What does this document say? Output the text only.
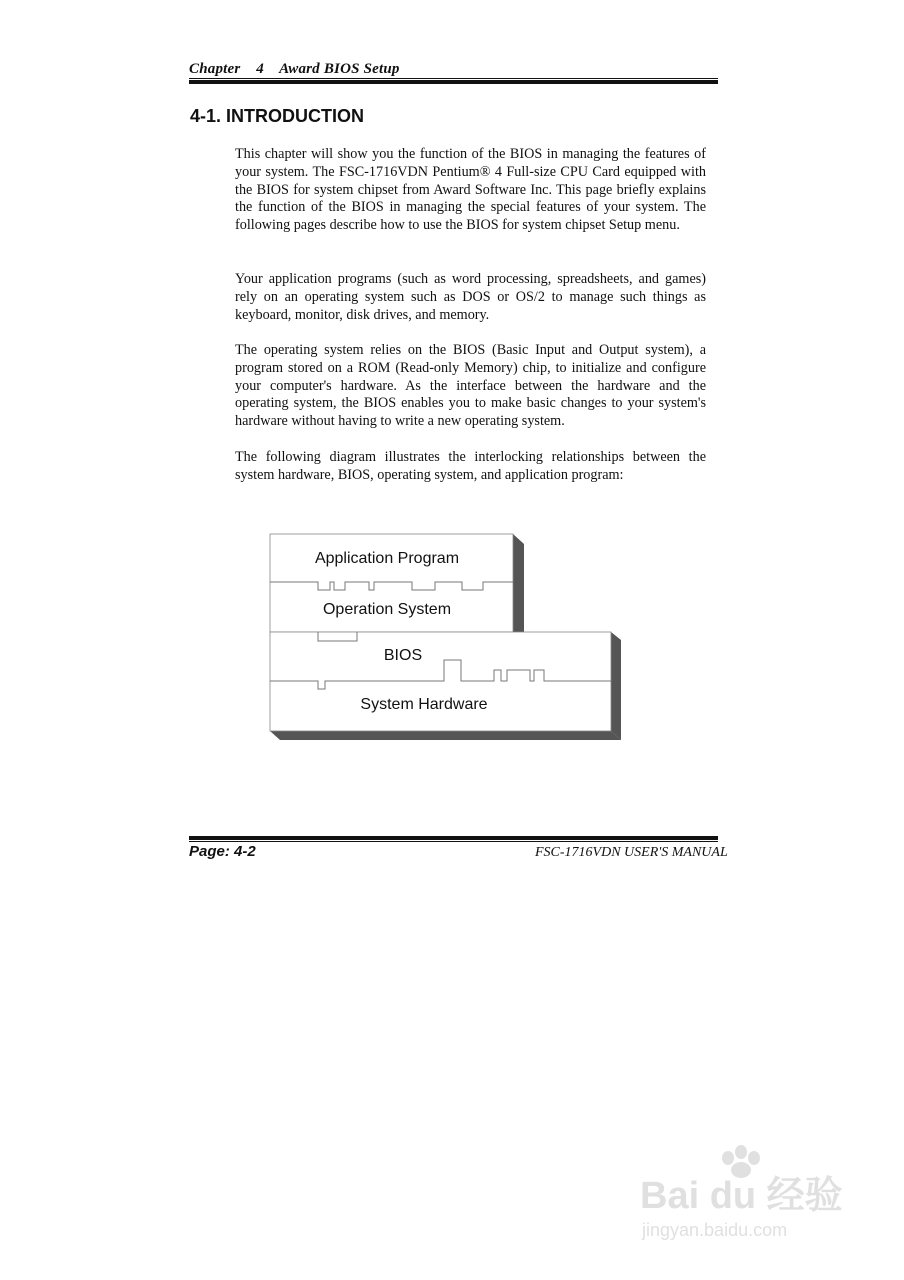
Chapter    4    Award BIOS Setup
4-1. INTRODUCTION

This chapter will show you the function of the BIOS in managing the features of your system. The FSC-1716VDN Pentium® 4 Full-size CPU Card equipped with the BIOS for system chipset from Award Software Inc. This page briefly explains the function of the BIOS in managing the special features of your system. The following pages describe how to use the BIOS for system chipset Setup menu.

Your application programs (such as word processing, spreadsheets, and games) rely on an operating system such as DOS or OS/2 to manage such things as keyboard, monitor, disk drives, and memory.

The operating system relies on the BIOS (Basic Input and Output system), a program stored on a ROM (Read-only Memory) chip, to initialize and configure your computer's hardware. As the interface between the hardware and the operating system, the BIOS enables you to make basic changes to your system's hardware without having to write a new operating system.

The following diagram illustrates the interlocking relationships between the system hardware, BIOS, operating system, and application program:

Application Program
Operation System
BIOS
System Hardware
Page: 4-2	FSC-1716VDN USER'S MANUAL
Bai du 经验
jingyan.baidu.com
